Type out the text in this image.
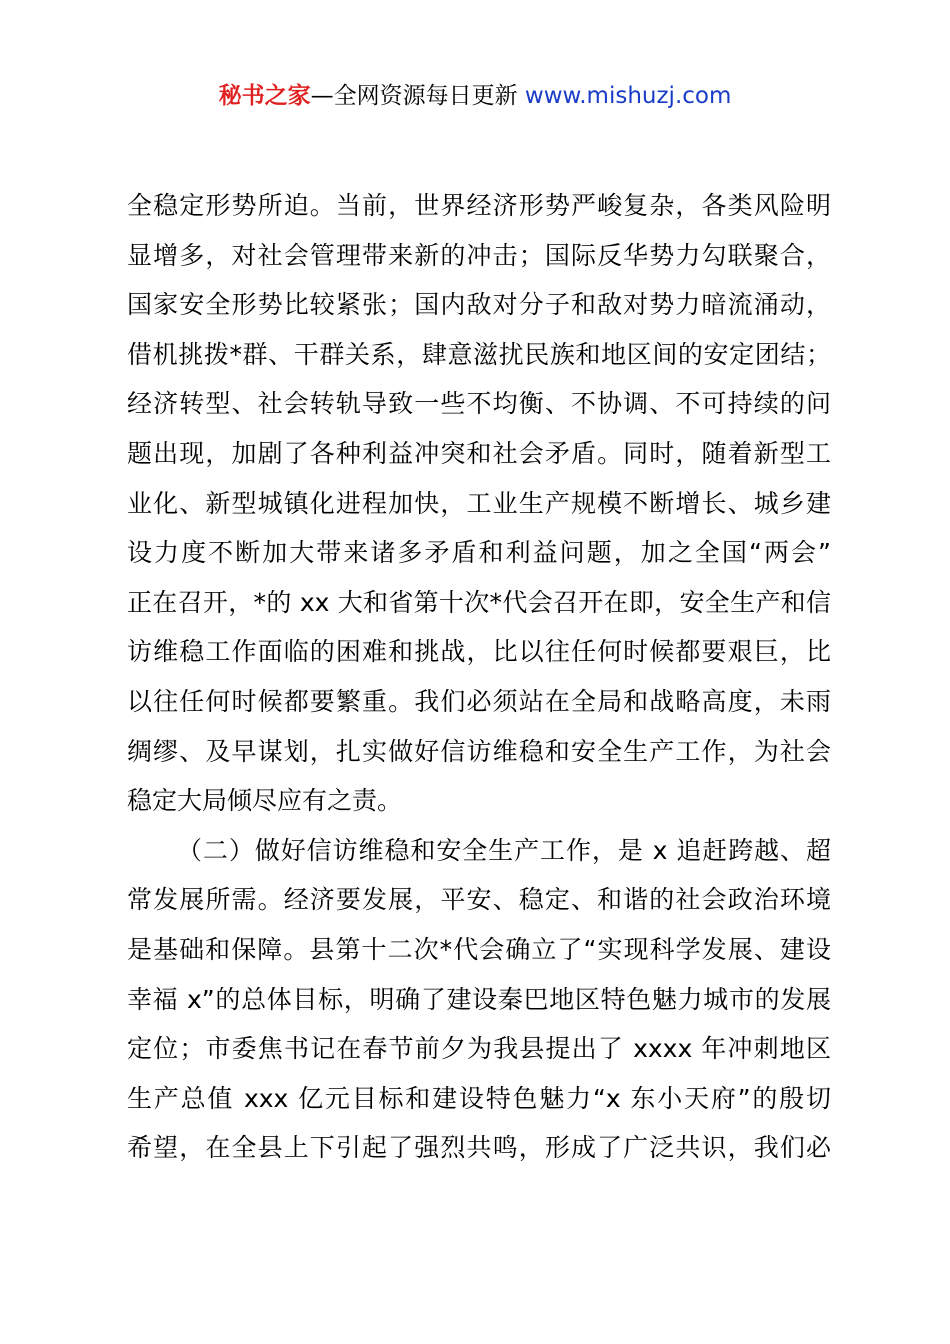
秘书之家—全网资源每日更新 www.mishuzj.com
全稳定形势所迫。当前，世界经济形势严峻复杂，各类风险明
显增多，对社会管理带来新的冲击；国际反华势力勾联聚合，
国家安全形势比较紧张；国内敌对分子和敌对势力暗流涌动，
借机挑拨*群、干群关系，肆意滋扰民族和地区间的安定团结；
经济转型、社会转轨导致一些不均衡、不协调、不可持续的问
题出现，加剧了各种利益冲突和社会矛盾。同时，随着新型工
业化、新型城镇化进程加快，工业生产规模不断增长、城乡建
设力度不断加大带来诸多矛盾和利益问题，加之全国“两会”
正在召开，*的 xx 大和省第十次*代会召开在即，安全生产和信
访维稳工作面临的困难和挑战，比以往任何时候都要艰巨，比
以往任何时候都要繁重。我们必须站在全局和战略高度，未雨
绸缪、及早谋划，扎实做好信访维稳和安全生产工作，为社会
稳定大局倾尽应有之责。
（二）做好信访维稳和安全生产工作，是 x 追赶跨越、超
常发展所需。经济要发展，平安、稳定、和谐的社会政治环境
是基础和保障。县第十二次*代会确立了“实现科学发展、建设
幸福 x”的总体目标，明确了建设秦巴地区特色魅力城市的发展
定位；市委焦书记在春节前夕为我县提出了 xxxx 年冲刺地区
生产总值 xxx 亿元目标和建设特色魅力“x 东小天府”的殷切
希望，在全县上下引起了强烈共鸣，形成了广泛共识，我们必
